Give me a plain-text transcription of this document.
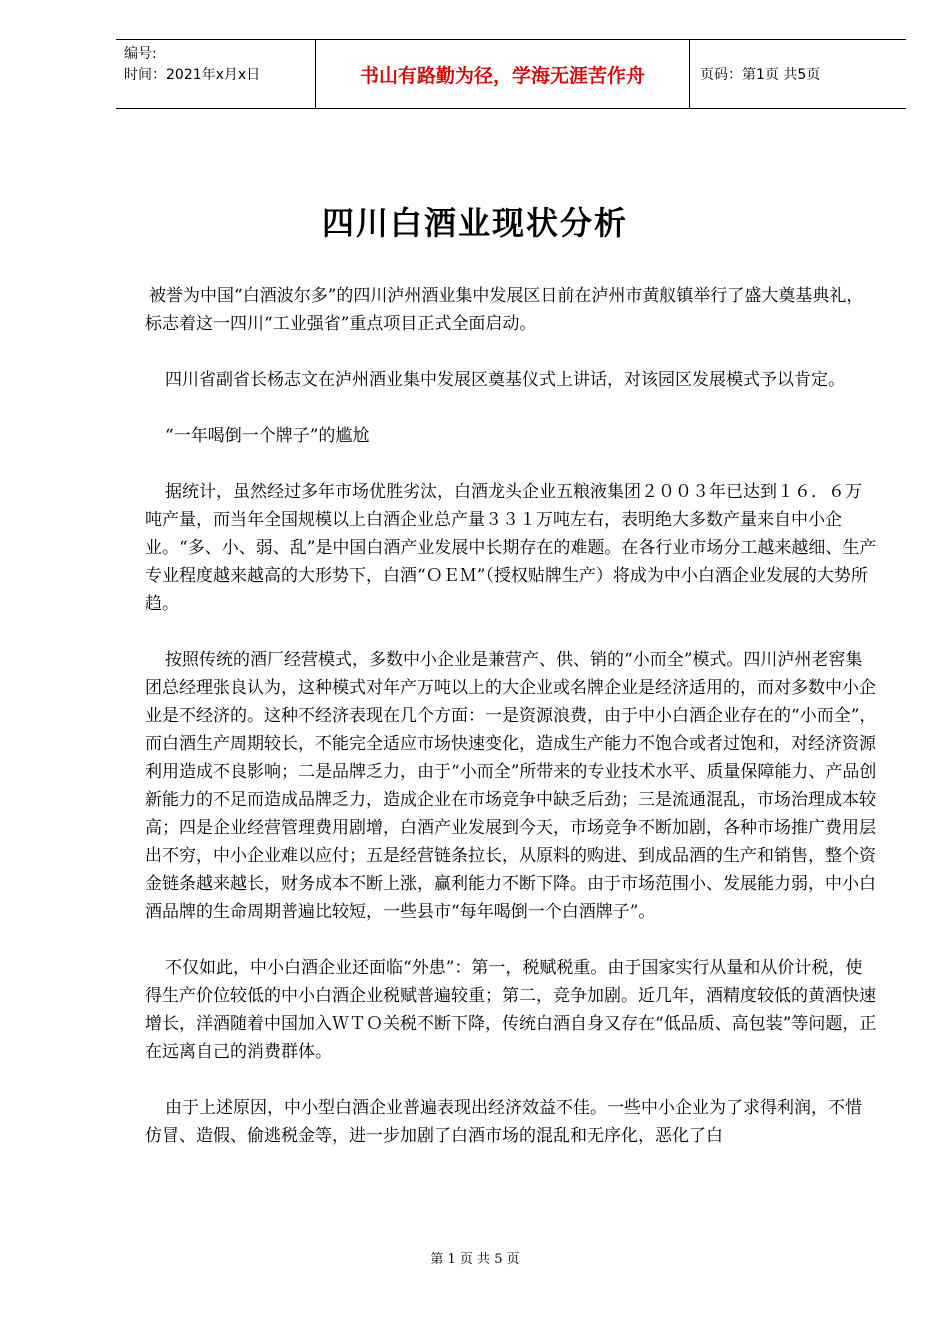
编号:
时间：2021年x月x日	书山有路勤为径，学海无涯苦作舟	页码：第1页 共5页
四川白酒业现状分析

被誉为中国“白酒波尔多”的四川泸州酒业集中发展区日前在泸州市黄舣镇举行了盛大奠基典礼，标志着这一四川“工业强省”重点项目正式全面启动。

四川省副省长杨志文在泸州酒业集中发展区奠基仪式上讲话，对该园区发展模式予以肯定。

“一年喝倒一个牌子”的尴尬

据统计，虽然经过多年市场优胜劣汰，白酒龙头企业五粮液集团２００３年已达到１６．６万吨产量，而当年全国规模以上白酒企业总产量３３１万吨左右，表明绝大多数产量来自中小企业。“多、小、弱、乱”是中国白酒产业发展中长期存在的难题。在各行业市场分工越来越细、生产专业程度越来越高的大形势下，白酒“ＯＥＭ”（授权贴牌生产）将成为中小白酒企业发展的大势所趋。

按照传统的酒厂经营模式，多数中小企业是兼营产、供、销的“小而全”模式。四川泸州老窖集团总经理张良认为，这种模式对年产万吨以上的大企业或名牌企业是经济适用的，而对多数中小企业是不经济的。这种不经济表现在几个方面：一是资源浪费，由于中小白酒企业存在的“小而全”，而白酒生产周期较长，不能完全适应市场快速变化，造成生产能力不饱合或者过饱和，对经济资源利用造成不良影响；二是品牌乏力，由于“小而全”所带来的专业技术水平、质量保障能力、产品创新能力的不足而造成品牌乏力，造成企业在市场竞争中缺乏后劲；三是流通混乱，市场治理成本较高；四是企业经营管理费用剧增，白酒产业发展到今天，市场竞争不断加剧，各种市场推广费用层出不穷，中小企业难以应付；五是经营链条拉长，从原料的购进、到成品酒的生产和销售，整个资金链条越来越长，财务成本不断上涨，赢利能力不断下降。由于市场范围小、发展能力弱，中小白酒品牌的生命周期普遍比较短，一些县市“每年喝倒一个白酒牌子”。

不仅如此，中小白酒企业还面临“外患”：第一，税赋税重。由于国家实行从量和从价计税，使得生产价位较低的中小白酒企业税赋普遍较重；第二，竞争加剧。近几年，酒精度较低的黄酒快速增长，洋酒随着中国加入ＷＴＯ关税不断下降，传统白酒自身又存在“低品质、高包装”等问题，正在远离自己的消费群体。

由于上述原因，中小型白酒企业普遍表现出经济效益不佳。一些中小企业为了求得利润，不惜仿冒、造假、偷逃税金等，进一步加剧了白酒市场的混乱和无序化，恶化了白

第 1 页 共 5 页
